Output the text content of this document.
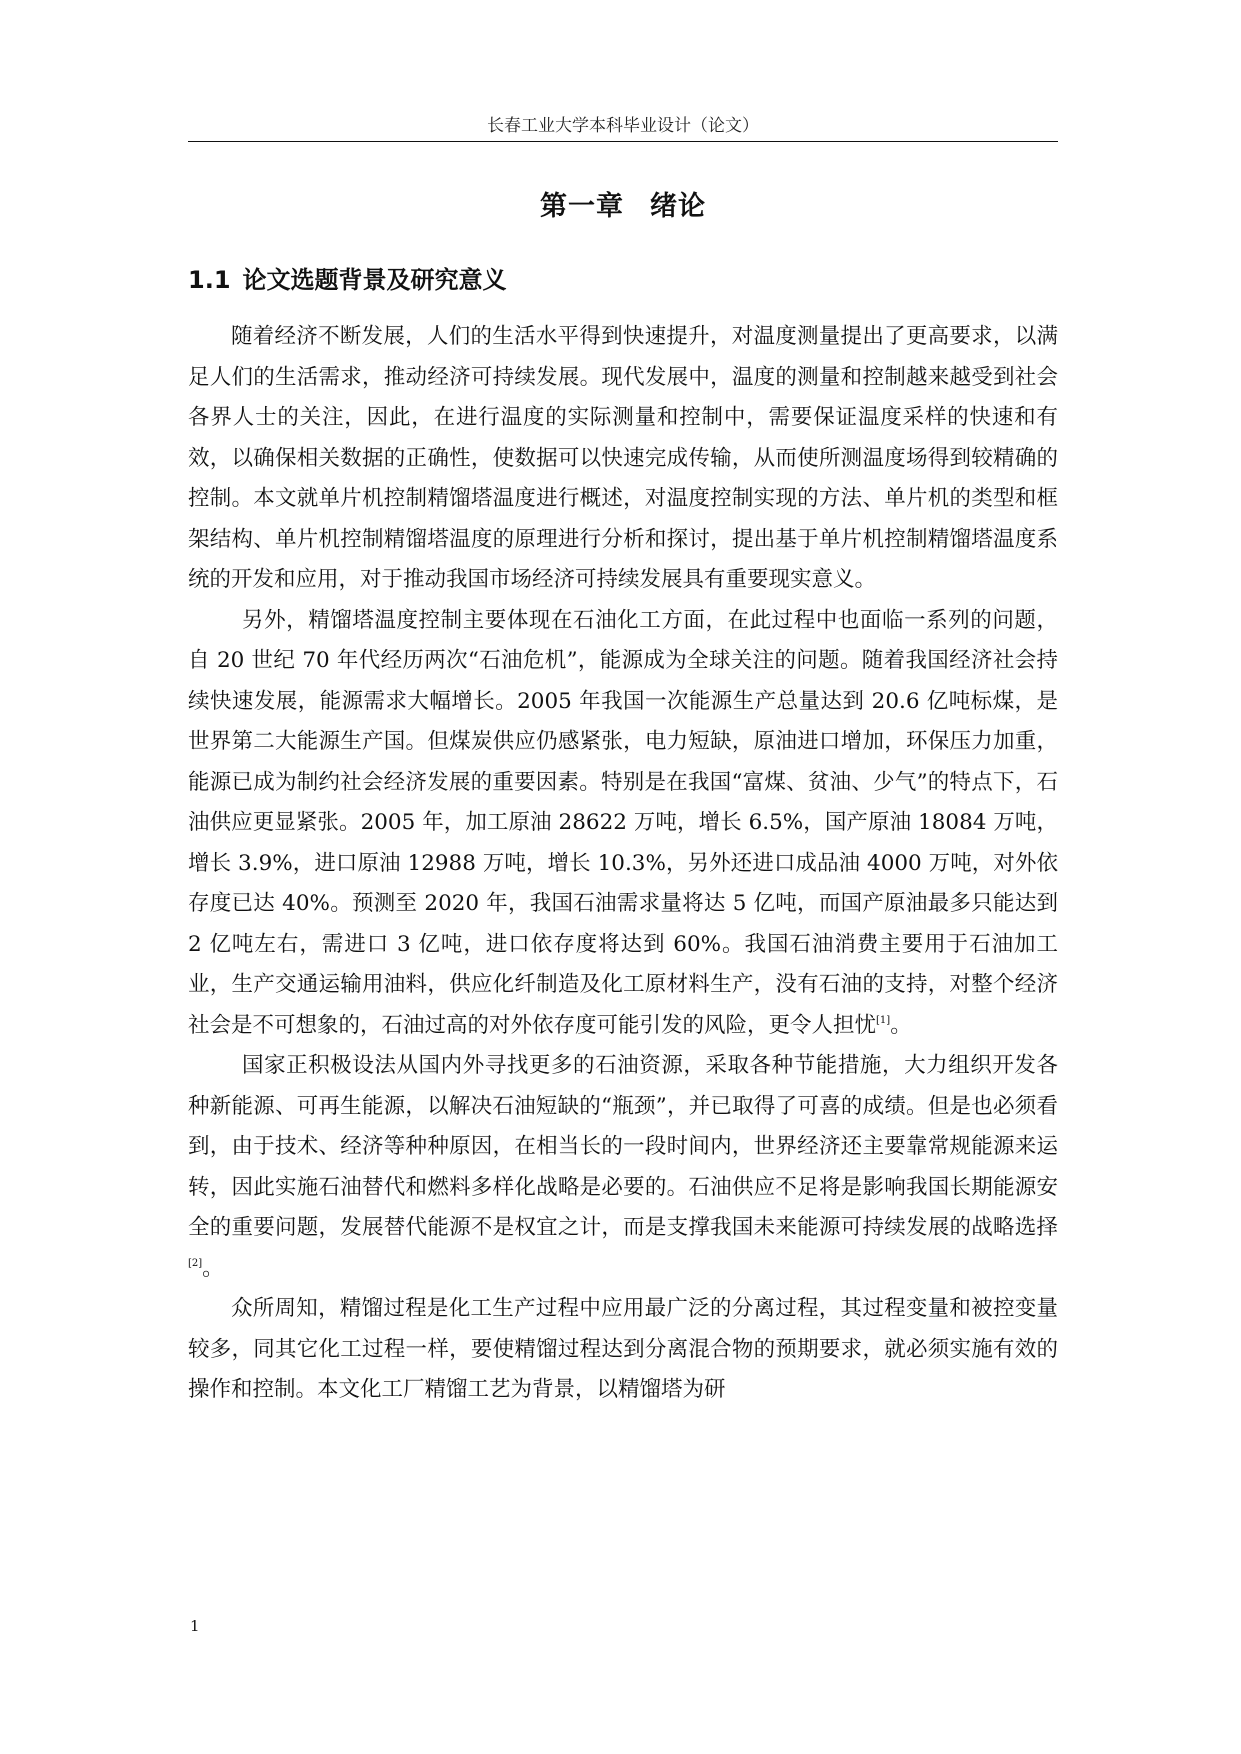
长春工业大学本科毕业设计（论文）
第一章 绪论
1.1 论文选题背景及研究意义

随着经济不断发展，人们的生活水平得到快速提升，对温度测量提出了更高要求，以满足人们的生活需求，推动经济可持续发展。现代发展中，温度的测量和控制越来越受到社会各界人士的关注，因此，在进行温度的实际测量和控制中，需要保证温度采样的快速和有效，以确保相关数据的正确性，使数据可以快速完成传输，从而使所测温度场得到较精确的控制。本文就单片机控制精馏塔温度进行概述，对温度控制实现的方法、单片机的类型和框架结构、单片机控制精馏塔温度的原理进行分析和探讨，提出基于单片机控制精馏塔温度系统的开发和应用，对于推动我国市场经济可持续发展具有重要现实意义。

另外，精馏塔温度控制主要体现在石油化工方面，在此过程中也面临一系列的问题，自 20 世纪 70 年代经历两次“石油危机”，能源成为全球关注的问题。随着我国经济社会持续快速发展，能源需求大幅增长。2005 年我国一次能源生产总量达到 20.6 亿吨标煤，是世界第二大能源生产国。但煤炭供应仍感紧张，电力短缺，原油进口增加，环保压力加重，能源已成为制约社会经济发展的重要因素。特别是在我国“富煤、贫油、少气”的特点下，石油供应更显紧张。2005 年，加工原油 28622 万吨，增长 6.5%，国产原油 18084 万吨，增长 3.9%，进口原油 12988 万吨，增长 10.3%，另外还进口成品油 4000 万吨，对外依存度已达 40%。预测至 2020 年，我国石油需求量将达 5 亿吨，而国产原油最多只能达到 2 亿吨左右，需进口 3 亿吨，进口依存度将达到 60%。我国石油消费主要用于石油加工业，生产交通运输用油料，供应化纤制造及化工原材料生产，没有石油的支持，对整个经济社会是不可想象的，石油过高的对外依存度可能引发的风险，更令人担忧[1]。

国家正积极设法从国内外寻找更多的石油资源，采取各种节能措施，大力组织开发各种新能源、可再生能源，以解决石油短缺的“瓶颈”，并已取得了可喜的成绩。但是也必须看到，由于技术、经济等种种原因，在相当长的一段时间内，世界经济还主要靠常规能源来运转，因此实施石油替代和燃料多样化战略是必要的。石油供应不足将是影响我国长期能源安全的重要问题，发展替代能源不是权宜之计，而是支撑我国未来能源可持续发展的战略选择[2]。

众所周知，精馏过程是化工生产过程中应用最广泛的分离过程，其过程变量和被控变量较多，同其它化工过程一样，要使精馏过程达到分离混合物的预期要求，就必须实施有效的操作和控制。本文化工厂精馏工艺为背景，以精馏塔为研

1
